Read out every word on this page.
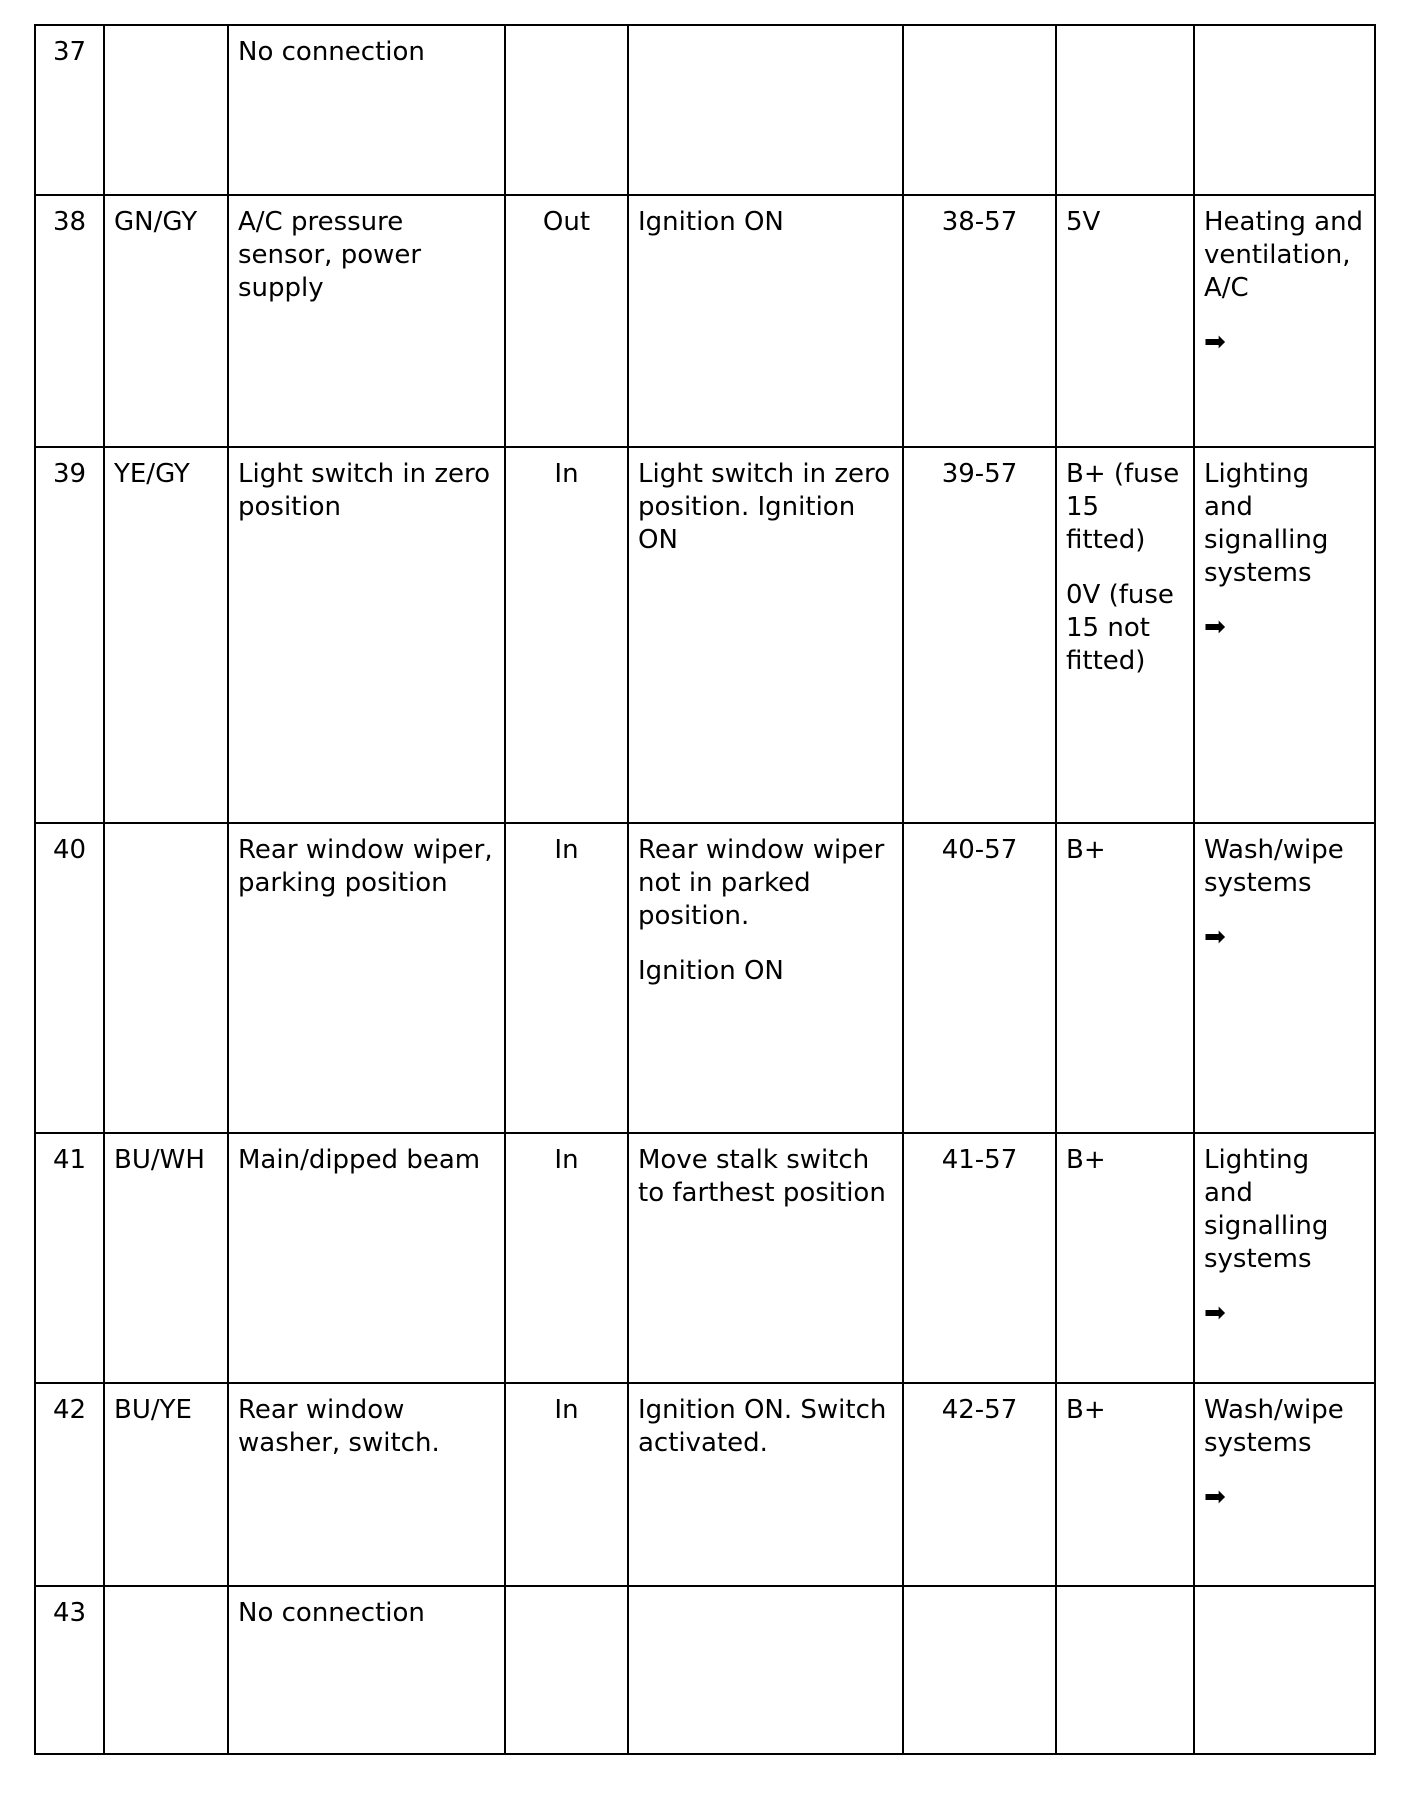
37		No connection					

38	GN/GY	A/C pressure sensor, power supply	Out	Ignition ON	38-57	5V	Heating and ventilation, A/C
➡

39	YE/GY	Light switch in zero position	In	Light switch in zero position. Ignition ON	39-57	B+ (fuse 15 fitted)
0V (fuse 15 not fitted)	Lighting and signalling systems
➡

40		Rear window wiper, parking position	In	Rear window wiper not in parked position.
Ignition ON	40-57	B+	Wash/wipe systems
➡

41	BU/WH	Main/dipped beam	In	Move stalk switch to farthest position	41-57	B+	Lighting and signalling systems
➡

42	BU/YE	Rear window washer, switch.	In	Ignition ON. Switch activated.	42-57	B+	Wash/wipe systems
➡

43		No connection					
